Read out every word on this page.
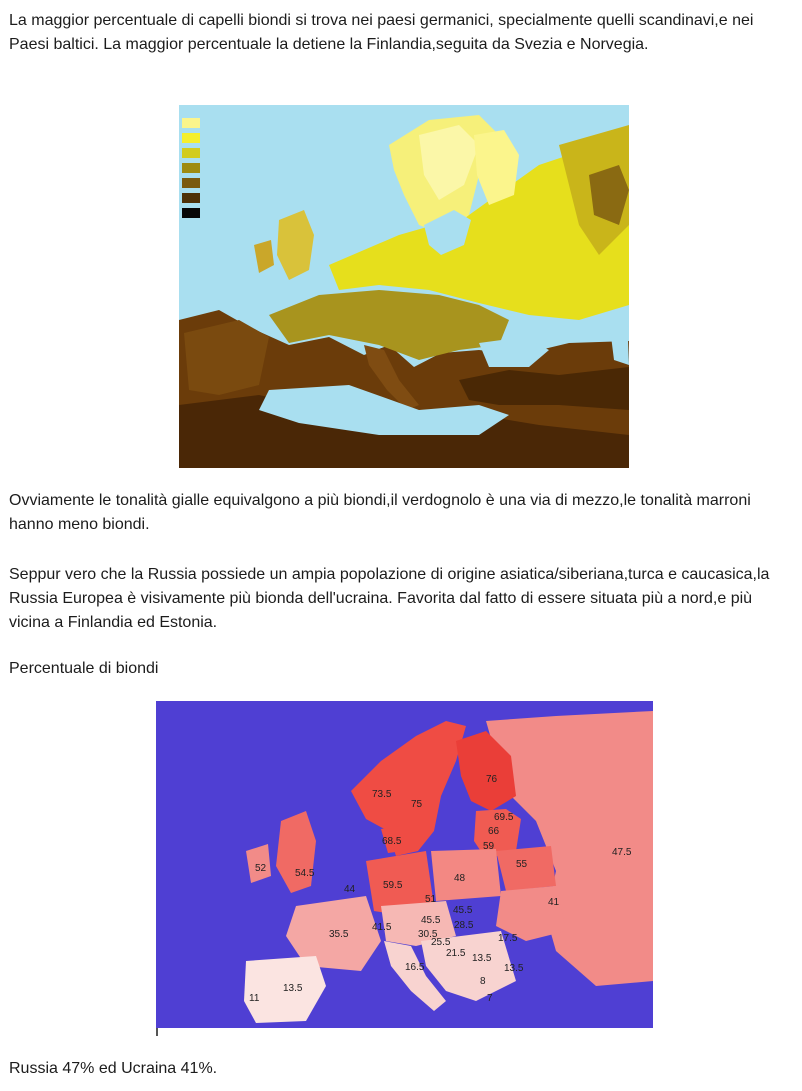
La maggior percentuale di capelli biondi si trova nei paesi germanici, specialmente quelli scandinavi,e nei Paesi baltici. La maggior percentuale la detiene la Finlandia,seguita da Svezia e Norvegia.

Ovviamente le tonalità gialle equivalgono a più biondi,il verdognolo è una via di mezzo,le tonalità marroni hanno meno biondi.

Seppur vero che la Russia possiede un ampia popolazione di origine asiatica/siberiana,turca e caucasica,la Russia Europea è visivamente più bionda dell'ucraina. Favorita dal fatto di essere situata più a nord,e più vicina a Finlandia ed Estonia.

Percentuale di biondi

73.5
75
76
69.5
66
59
68.5
52	54.5
44	59.5
48
55
47.5
41
51
45.5
45.5 28.5
41.5
35.5	30.5
25.5
21.5
17.5
13.5
13.5
16.5
13.5
11	7
8

Russia 47% ed Ucraina 41%.
